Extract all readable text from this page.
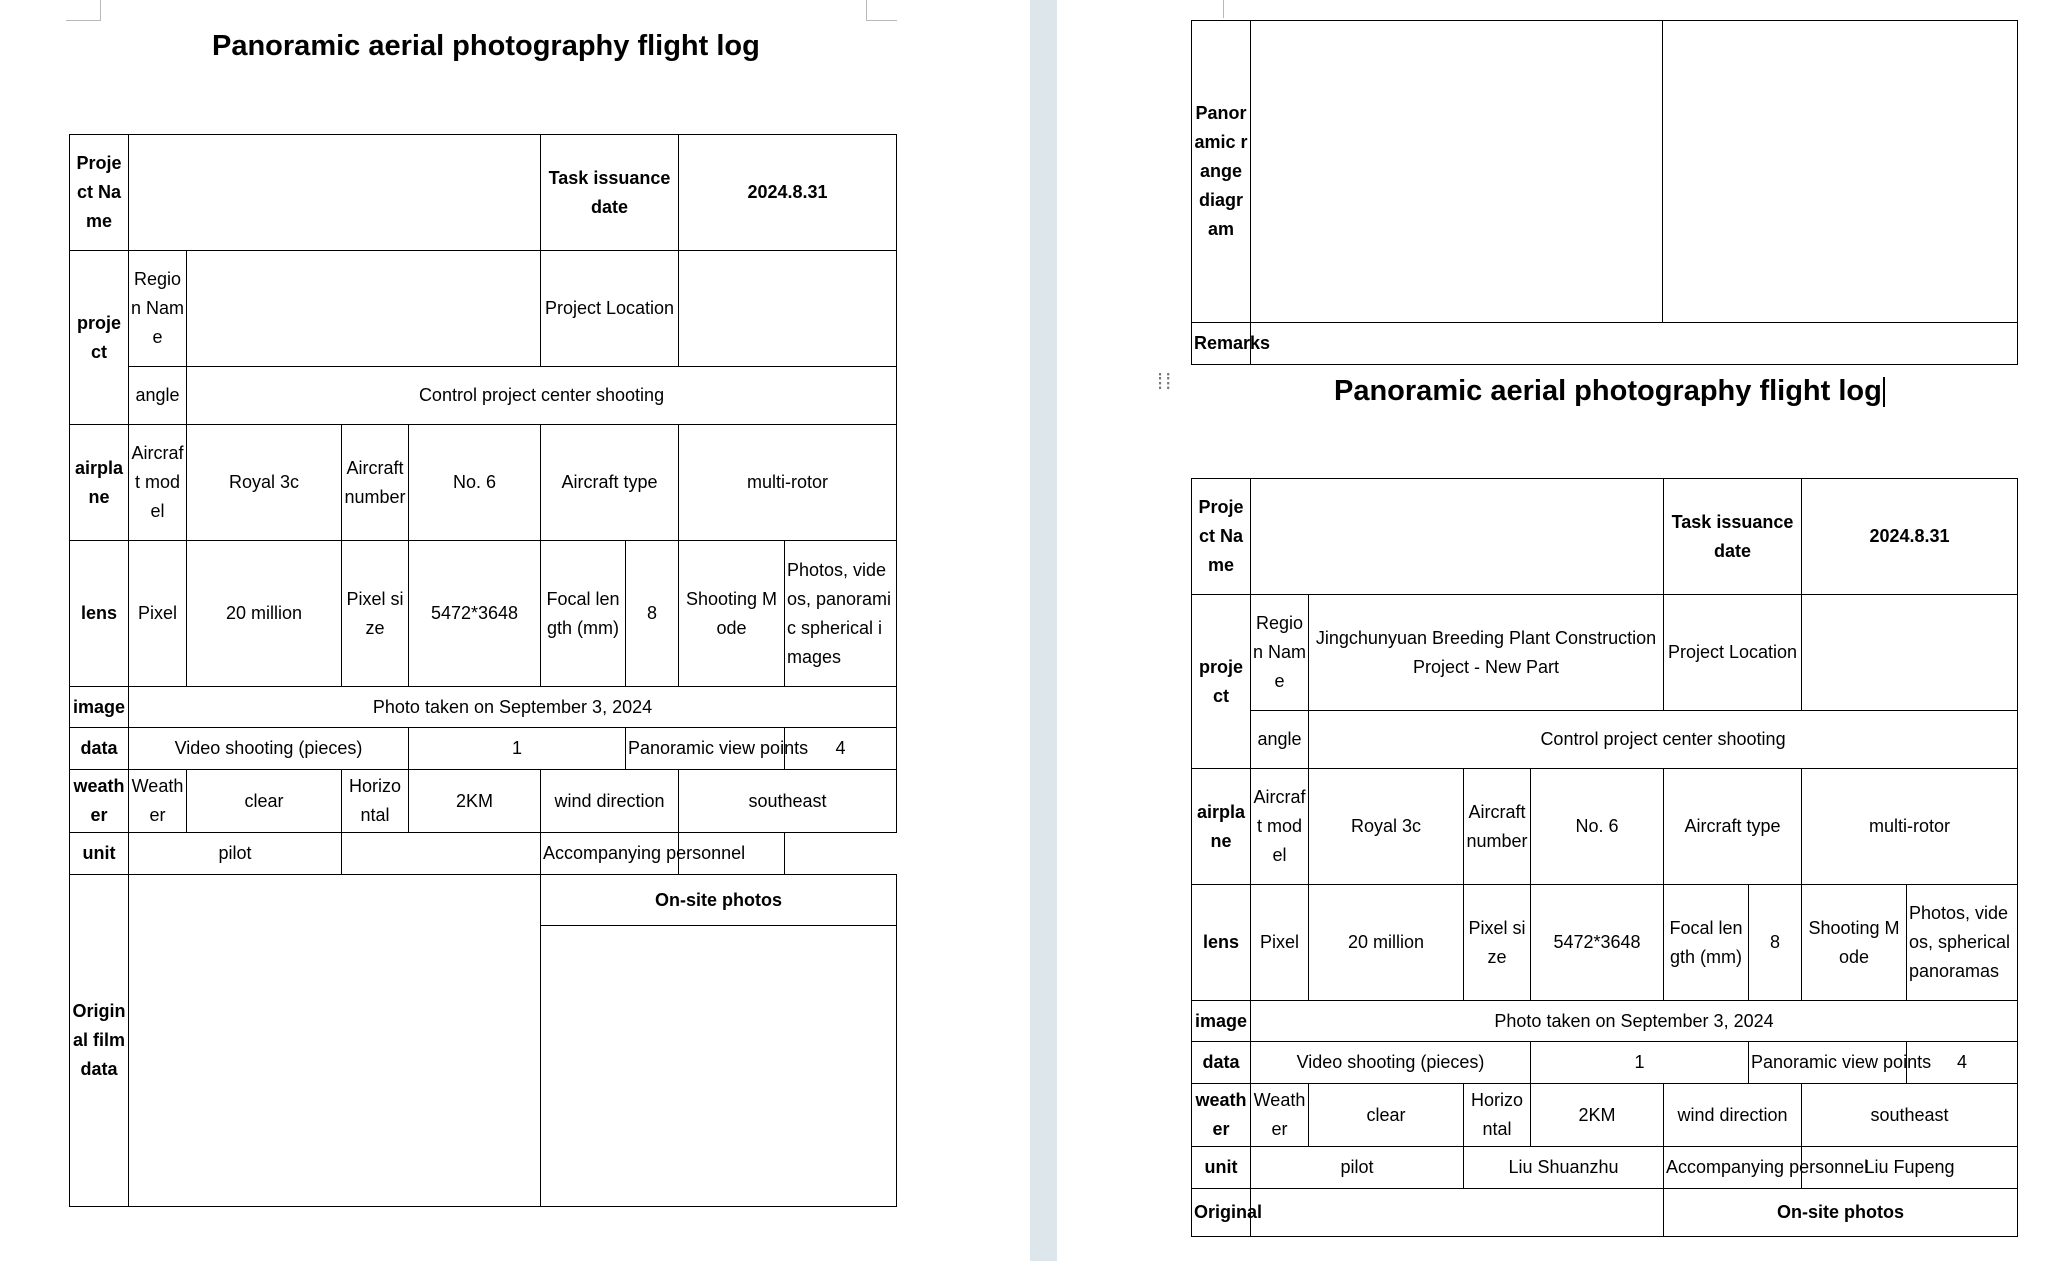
Panoramic aerial photography flight log
Project Name					Task issuance date		2024.8.31	
project	Region Name				Project Location			
	angle	Control project center shooting						
airplane	Aircraft model	Royal 3c	Aircraft number	No. 6	Aircraft type		multi-rotor	
lens	Pixel	20 million	Pixel size	5472*3648	Focal length (mm)	8	Shooting Mode	Photos, videos, panoramic spherical images
image	Photo taken on September 3, 2024							
data	Video shooting (pieces)			1		Panoramic view points		4
weather	Weather	clear	Horizontal	2KM	wind direction		southeast	
unit	pilot				Accompanying personnel			
Original film data					On-site photos			
Panoramic range diagram		
Remarks		
⁞⁞	Panoramic aerial photography flight log
Project Name					Task issuance date		2024.8.31	
project	Region Name	Jingchunyuan Breeding Plant Construction Project - New Part			Project Location			
	angle	Control project center shooting						
airplane	Aircraft model	Royal 3c	Aircraft number	No. 6	Aircraft type		multi-rotor	
lens	Pixel	20 million	Pixel size	5472*3648	Focal length (mm)	8	Shooting Mode	Photos, videos, spherical panoramas
image	Photo taken on September 3, 2024							
data	Video shooting (pieces)			1		Panoramic view points		4
weather	Weather	clear	Horizontal	2KM	wind direction		southeast	
unit	pilot		Liu Shuanzhu		Accompanying personnel		Liu Fupeng	
Original					On-site photos			
